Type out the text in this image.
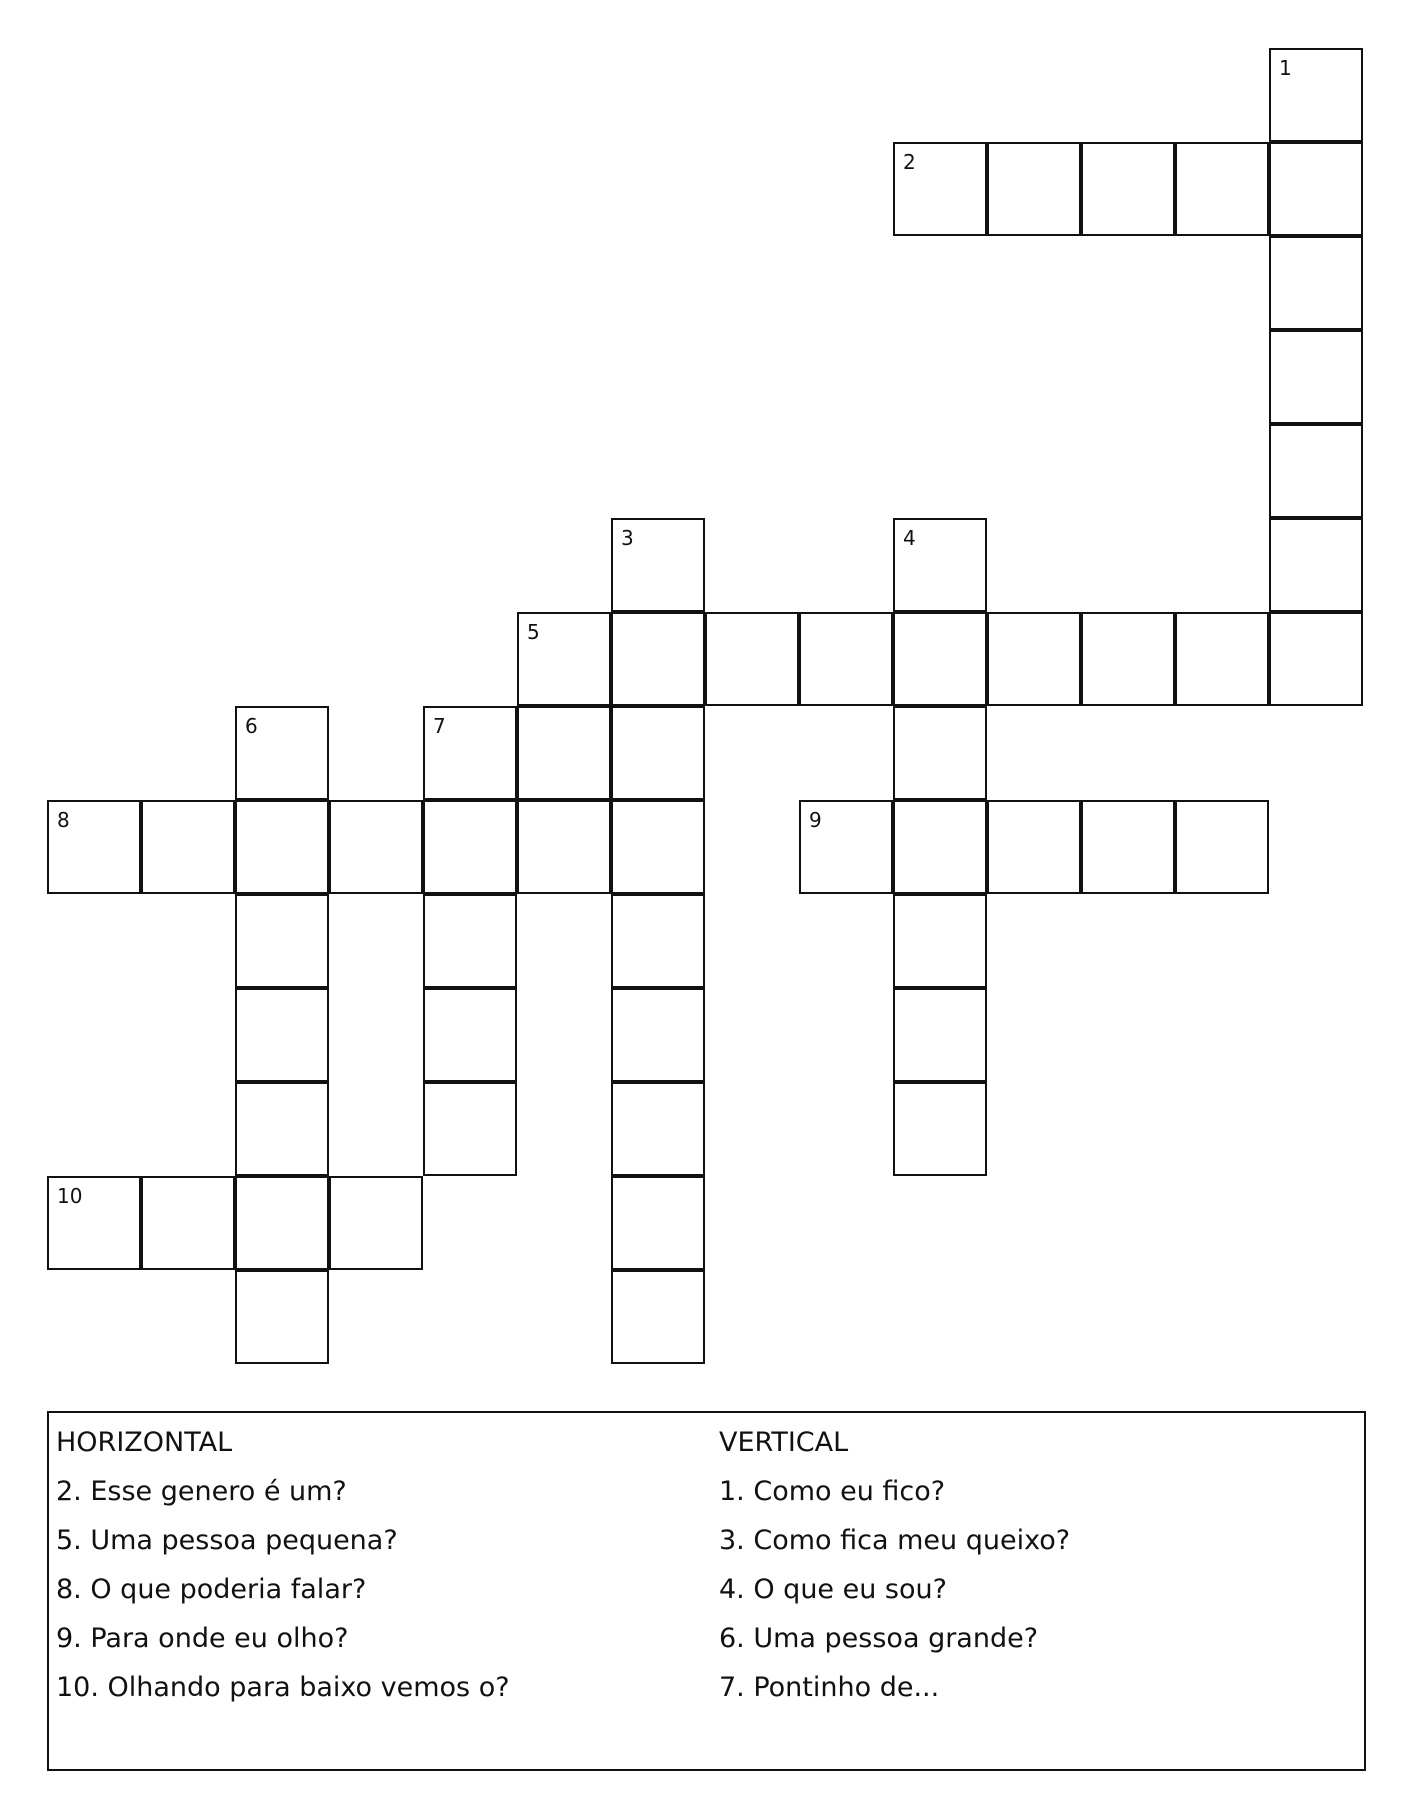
1
2
3	4
5
6	7
8	9
10
HORIZONTAL
2. Esse genero é um?
5. Uma pessoa pequena?
8. O que poderia falar?
9. Para onde eu olho?
10. Olhando para baixo vemos o?
VERTICAL
1. Como eu fico?
3. Como fica meu queixo?
4. O que eu sou?
6. Uma pessoa grande?
7. Pontinho de...
